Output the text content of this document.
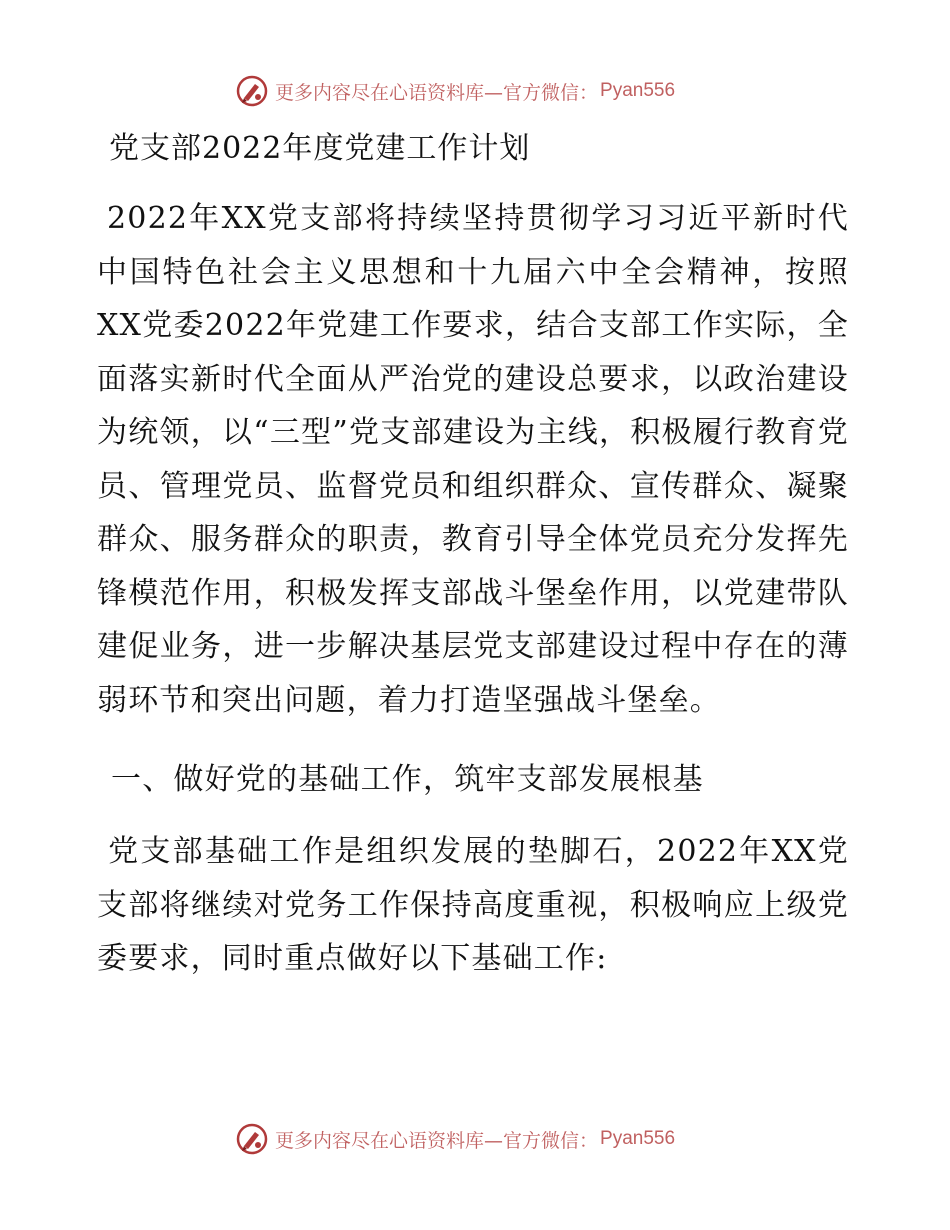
更多内容尽在心语资料库—官方微信： Pyan556
党支部2022年度党建工作计划

2022年XX党支部将持续坚持贯彻学习习近平新时代中国特色社会主义思想和十九届六中全会精神，按照XX党委2022年党建工作要求，结合支部工作实际，全面落实新时代全面从严治党的建设总要求，以政治建设为统领，以“三型”党支部建设为主线，积极履行教育党员、管理党员、监督党员和组织群众、宣传群众、凝聚群众、服务群众的职责，教育引导全体党员充分发挥先锋模范作用，积极发挥支部战斗堡垒作用，以党建带队建促业务，进一步解决基层党支部建设过程中存在的薄弱环节和突出问题，着力打造坚强战斗堡垒。

一、做好党的基础工作，筑牢支部发展根基

党支部基础工作是组织发展的垫脚石，2022年XX党支部将继续对党务工作保持高度重视，积极响应上级党委要求，同时重点做好以下基础工作:

更多内容尽在心语资料库—官方微信： Pyan556
